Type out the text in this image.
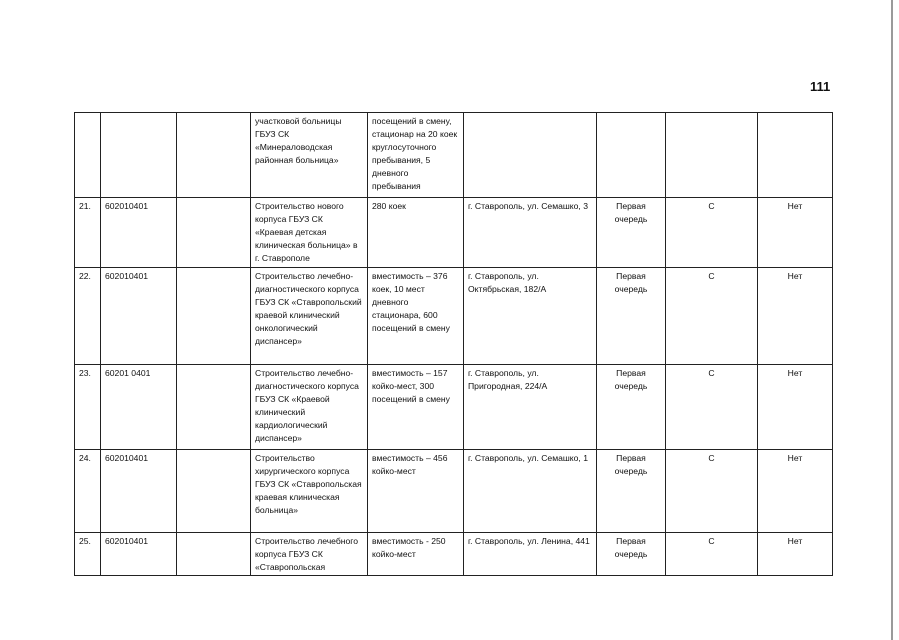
111
			участковой больницы ГБУЗ СК «Минераловодская районная больница»	посещений в смену, стационар на 20 коек круглосуточного пребывания, 5 дневного пребывания				
21.	602010401		Строительство нового корпуса ГБУЗ СК «Краевая детская клиническая больница» в г. Ставрополе	280 коек	г. Ставрополь, ул. Семашко, 3	Первая очередь	С	Нет
22.	602010401		Строительство лечебно-диагностического корпуса ГБУЗ СК «Ставропольский краевой клинический онкологический диспансер»	вместимость – 376 коек, 10 мест дневного стационара, 600 посещений в смену	г. Ставрополь, ул. Октябрьская, 182/А	Первая очередь	С	Нет
23.	60201 0401		Строительство лечебно-диагностического корпуса ГБУЗ СК «Краевой клинический кардиологический диспансер»	вместимость – 157 койко-мест, 300 посещений в смену	г. Ставрополь, ул. Пригородная, 224/А	Первая очередь	С	Нет
24.	602010401		Строительство хирургического корпуса ГБУЗ СК «Ставропольская краевая клиническая больница»	вместимость – 456 койко-мест	г. Ставрополь, ул. Семашко, 1	Первая очередь	С	Нет
25.	602010401		Строительство лечебного корпуса ГБУЗ СК «Ставропольская	вместимость - 250 койко-мест	г. Ставрополь, ул. Ленина, 441	Первая очередь	С	Нет
